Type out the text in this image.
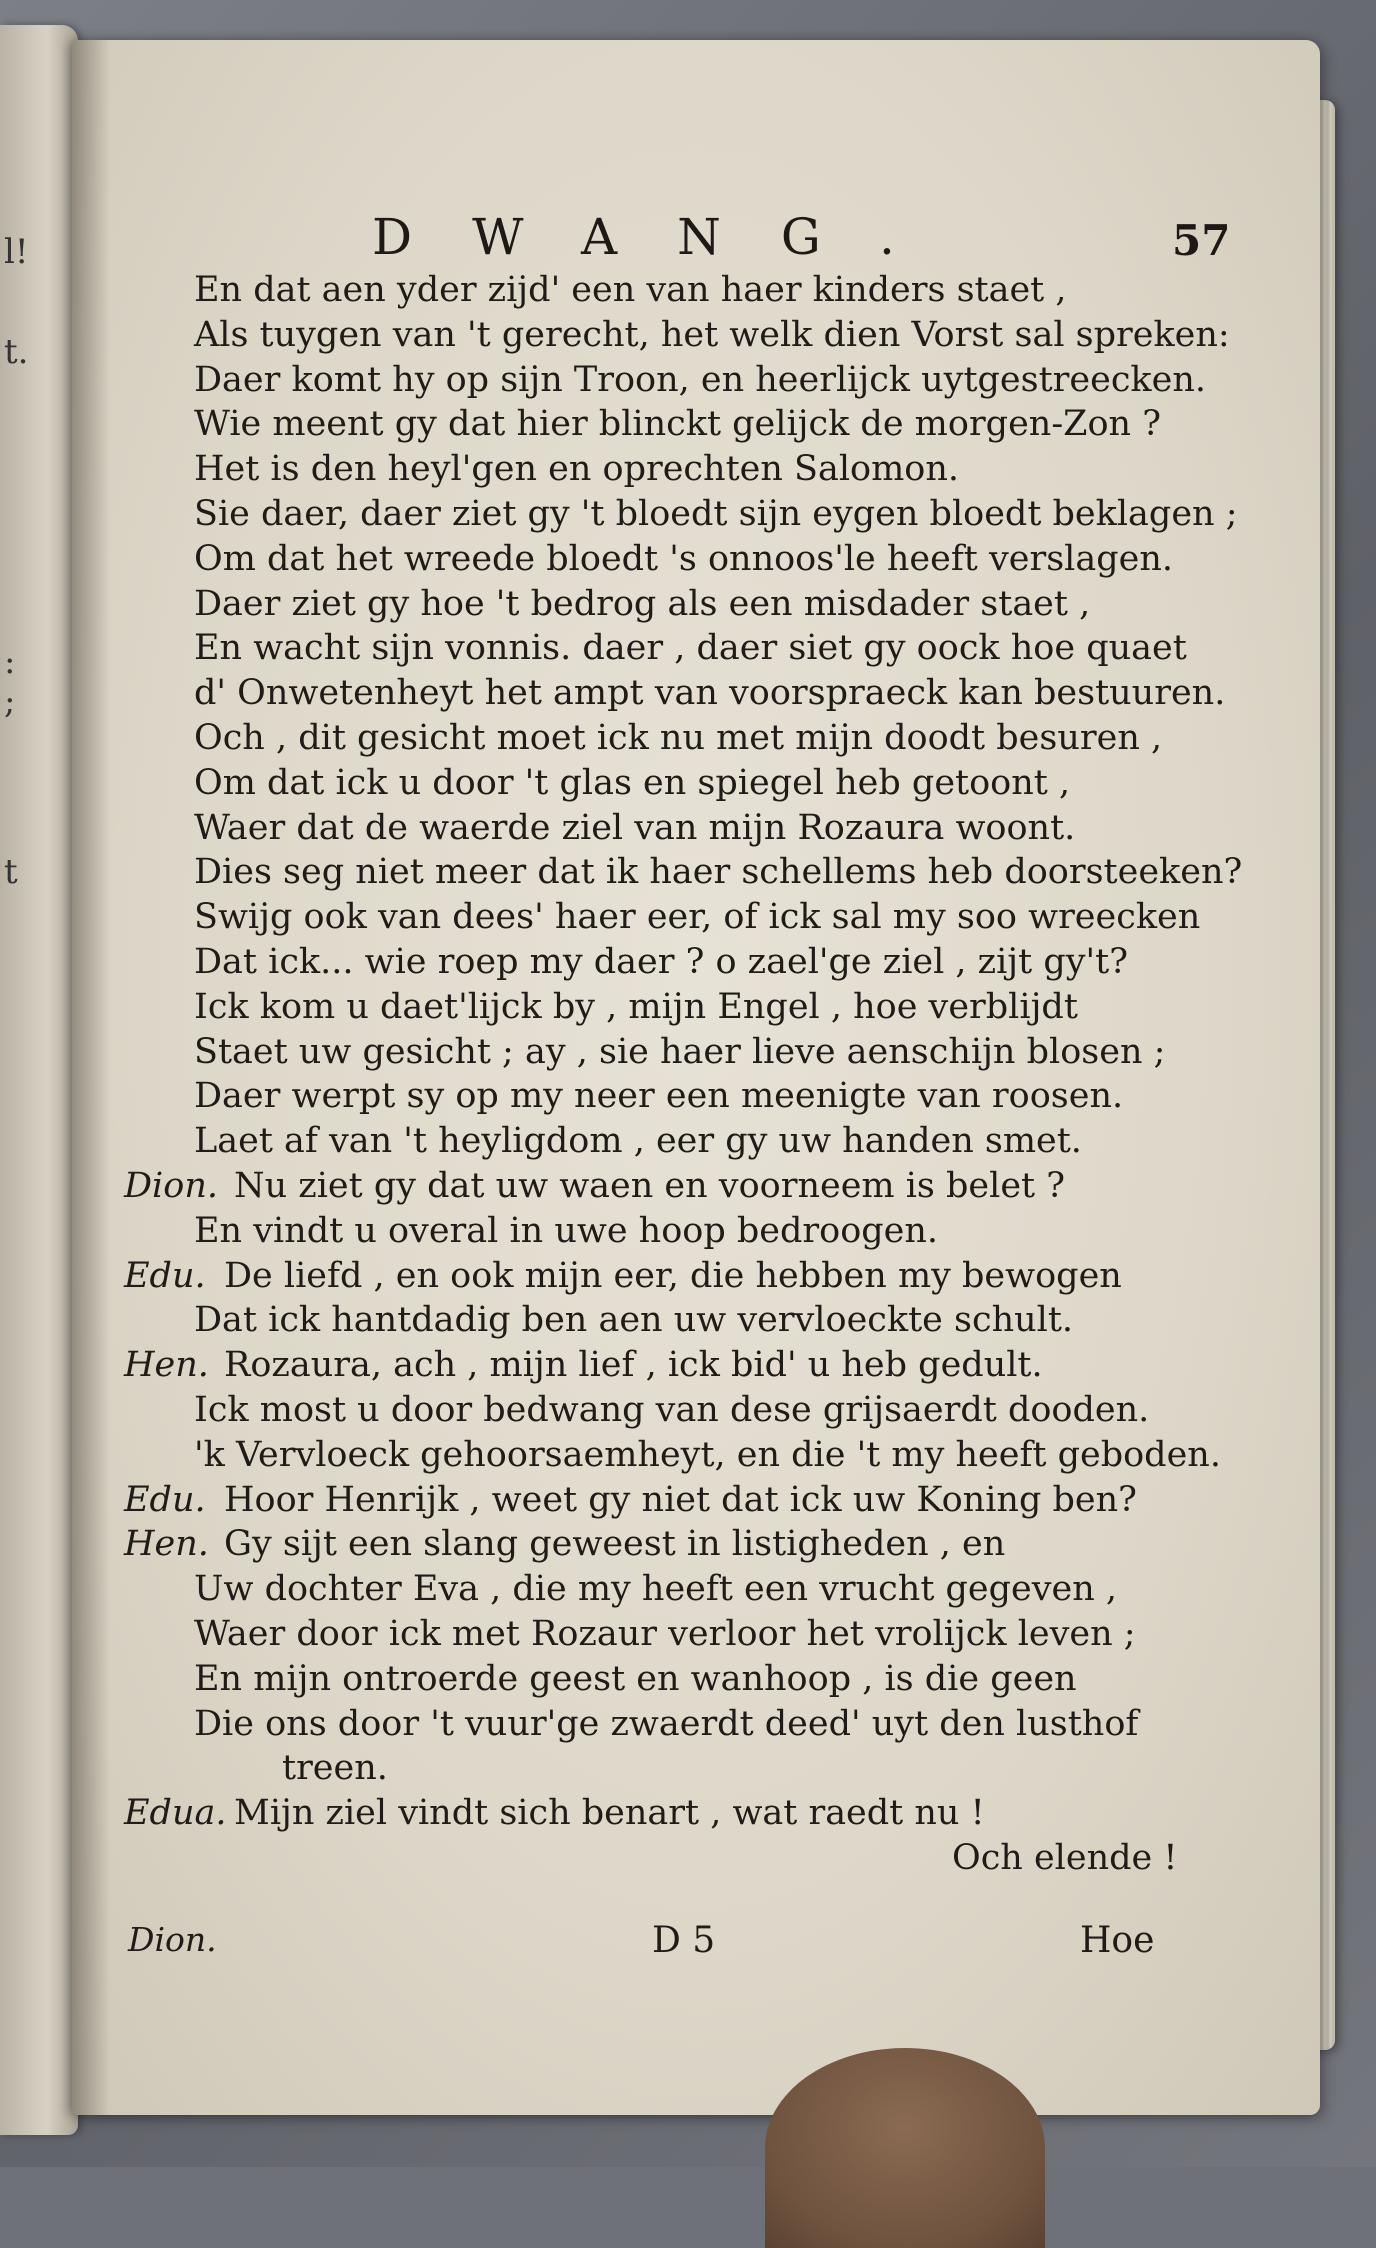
l!
t.
:
;
t
DWANG.	57
En dat aen yder zijd' een van haer kinders staet ,
Als tuygen van 't gerecht, het welk dien Vorst sal spreken:
Daer komt hy op sijn Troon, en heerlijck uytgestreecken.
Wie meent gy dat hier blinckt gelijck de morgen-Zon ?
Het is den heyl'gen en oprechten Salomon.
Sie daer, daer ziet gy 't bloedt sijn eygen bloedt beklagen ;
Om dat het wreede bloedt 's onnoos'le heeft verslagen.
Daer ziet gy hoe 't bedrog als een misdader staet ,
En wacht sijn vonnis. daer , daer siet gy oock hoe quaet
d' Onwetenheyt het ampt van voorspraeck kan bestuuren.
Och , dit gesicht moet ick nu met mijn doodt besuren ,
Om dat ick u door 't glas en spiegel heb getoont ,
Waer dat de waerde ziel van mijn Rozaura woont.
Dies seg niet meer dat ik haer schellems heb doorsteeken?
Swijg ook van dees' haer eer, of ick sal my soo wreecken
Dat ick... wie roep my daer ? o zael'ge ziel , zijt gy't?
Ick kom u daet'lijck by , mijn Engel , hoe verblijdt
Staet uw gesicht ; ay , sie haer lieve aenschijn blosen ;
Daer werpt sy op my neer een meenigte van roosen.
Laet af van 't heyligdom , eer gy uw handen smet.
Dion. Nu ziet gy dat uw waen en voorneem is belet ?
En vindt u overal in uwe hoop bedroogen.
Edu. De liefd , en ook mijn eer, die hebben my bewogen
Dat ick hantdadig ben aen uw vervloeckte schult.
Hen. Rozaura, ach , mijn lief , ick bid' u heb gedult.
Ick most u door bedwang van dese grijsaerdt dooden.
'k Vervloeck gehoorsaemheyt, en die 't my heeft geboden.
Edu. Hoor Henrijk , weet gy niet dat ick uw Koning ben?
Hen. Gy sijt een slang geweest in listigheden , en
Uw dochter Eva , die my heeft een vrucht gegeven ,
Waer door ick met Rozaur verloor het vrolijck leven ;
En mijn ontroerde geest en wanhoop , is die geen
Die ons door 't vuur'ge zwaerdt deed' uyt den lusthof
treen.
Edua. Mijn ziel vindt sich benart , wat raedt nu !
Och elende !
Dion.	D 5	Hoe
